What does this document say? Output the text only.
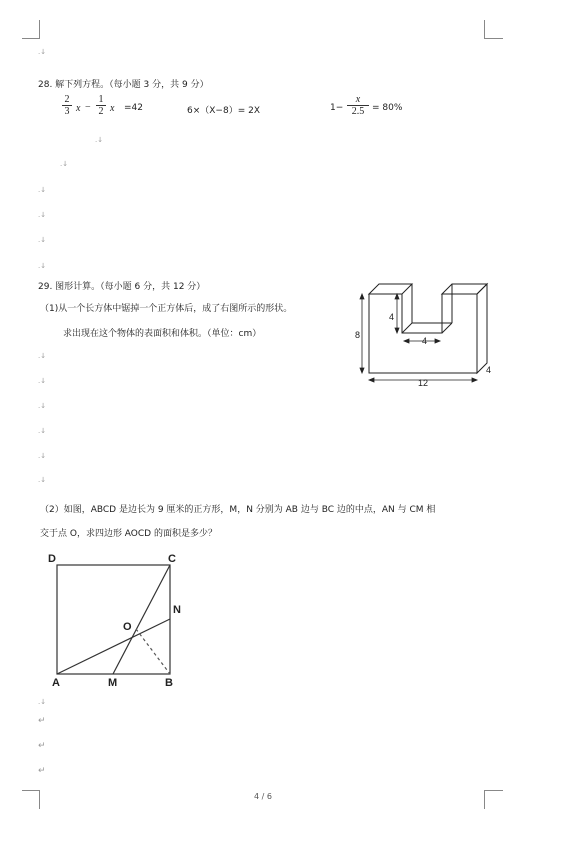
.↓
.↓
.↓
.↓
.↓
.↓
.↓
.↓
.↓
.↓
.↓
.↓
.↓
.↓
28. 解下列方程。（每小题 3 分，共 9 分）
2
3 x −
1
2 x =42	6×（X−8）= 2X	1−
x
2.5 = 80%
29. 图形计算。（每小题 6 分，共 12 分）
（1)从一个长方体中锯掉一个正方体后，成了右图所示的形状。
求出现在这个物体的表面积和体积。（单位：cm）	8
4
4
12
4
（2）如图，ABCD 是边长为 9 厘米的正方形，M，N 分别为 AB 边与 BC 边的中点，AN 与 CM 相
交于点 O，求四边形 AOCD 的面积是多少？
D	C
N
O
A	M	B
↵
↵
↵
4 / 6
